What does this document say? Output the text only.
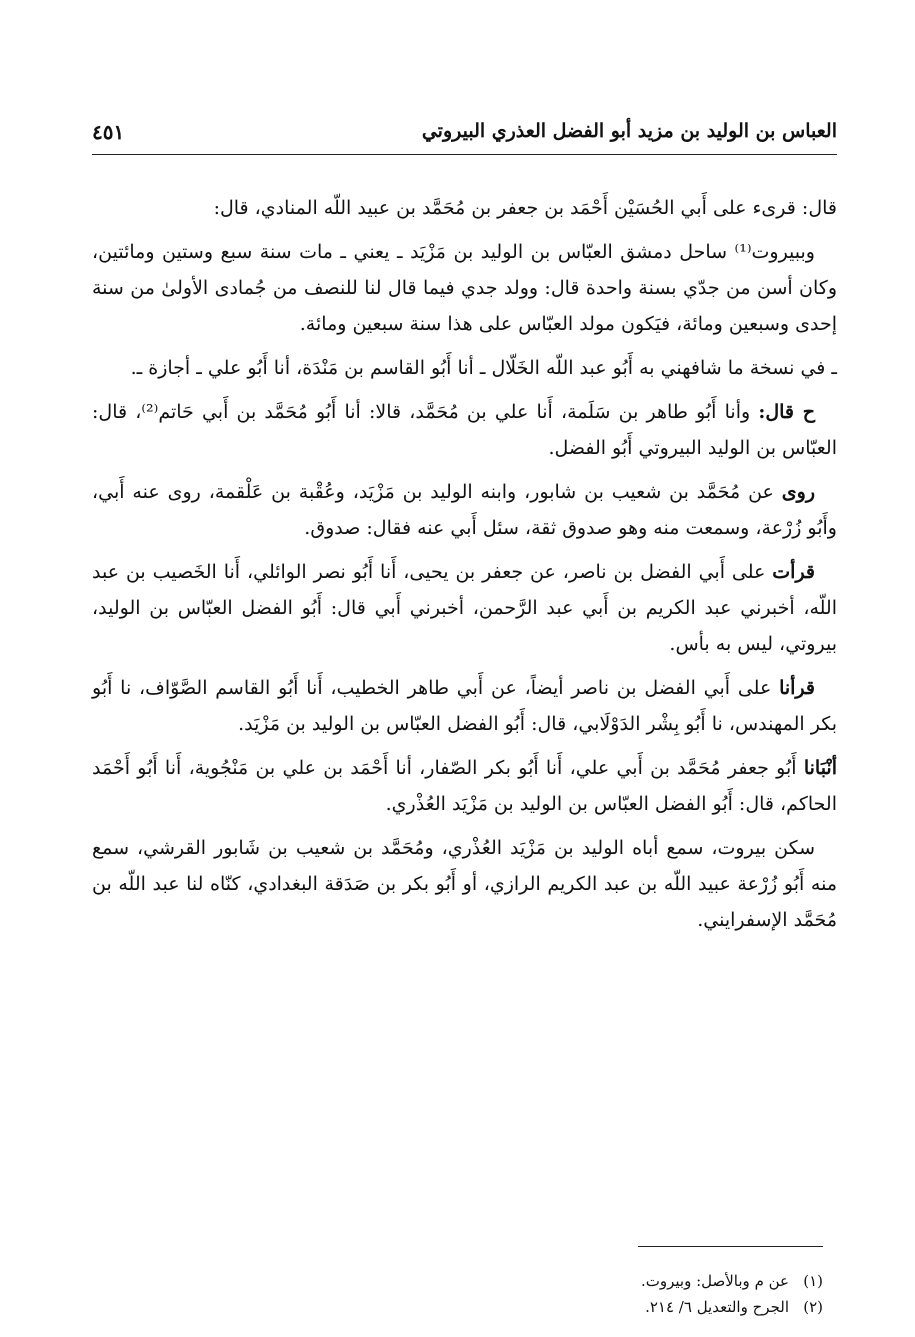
العباس بن الوليد بن مزيد أبو الفضل العذري البيروتي
٤٥١

قال: قرىء على أَبي الحُسَيْن أَحْمَد بن جعفر بن مُحَمَّد بن عبيد اللّه المنادي، قال:

وببيروت⁽¹⁾ ساحل دمشق العبّاس بن الوليد بن مَزْيَد ـ يعني ـ مات سنة سبع وستين ومائتين، وكان أسن من جدّي بسنة واحدة قال: وولد جدي فيما قال لنا للنصف من جُمادى الأولىٰ من سنة إحدى وسبعين ومائة، فيَكون مولد العبّاس على هذا سنة سبعين ومائة.

ـ في نسخة ما شافهني به أَبُو عبد اللّه الخَلّال ـ أنا أَبُو القاسم بن مَنْدَة، أنا أَبُو علي ـ أجازة ـ.

ح قال: وأنا أَبُو طاهر بن سَلَمة، أَنا علي بن مُحَمَّد، قالا: أنا أَبُو مُحَمَّد بن أَبي حَاتم⁽²⁾، قال: العبّاس بن الوليد البيروتي أَبُو الفضل.

روى عن مُحَمَّد بن شعيب بن شابور، وابنه الوليد بن مَزْيَد، وعُقْبة بن عَلْقمة، روى عنه أَبي، وأَبُو زُرْعة، وسمعت منه وهو صدوق ثقة، سئل أَبي عنه فقال: صدوق.

قرأت على أَبي الفضل بن ناصر، عن جعفر بن يحيى، أَنا أَبُو نصر الوائلي، أَنا الخَصيب بن عبد اللّه، أخبرني عبد الكريم بن أَبي عبد الرَّحمن، أخبرني أَبي قال: أَبُو الفضل العبّاس بن الوليد، بيروتي، ليس به بأس.

قرأنا على أَبي الفضل بن ناصر أيضاً، عن أَبي طاهر الخطيب، أَنا أَبُو القاسم الصَّوّاف، نا أَبُو بكر المهندس، نا أَبُو بِشْر الدَوْلَابي، قال: أَبُو الفضل العبّاس بن الوليد بن مَزْيَد.

أنْبَانا أَبُو جعفر مُحَمَّد بن أَبي علي، أَنا أَبُو بكر الصّفار، أنا أَحْمَد بن علي بن مَنْجُوية، أَنا أَبُو أَحْمَد الحاكم، قال: أَبُو الفضل العبّاس بن الوليد بن مَزْيَد العُذْري.

سكن بيروت، سمع أباه الوليد بن مَزْيَد العُذْري، ومُحَمَّد بن شعيب بن شَابور القرشي، سمع منه أَبُو زُرْعة عبيد اللّه بن عبد الكريم الرازي، أو أَبُو بكر بن صَدَقة البغدادي، كنّاه لنا عبد اللّه بن مُحَمَّد الإسفرايني.

(١)عن م وبالأصل: وبيروت.
(٢)الجرح والتعديل ٦/ ٢١٤.
